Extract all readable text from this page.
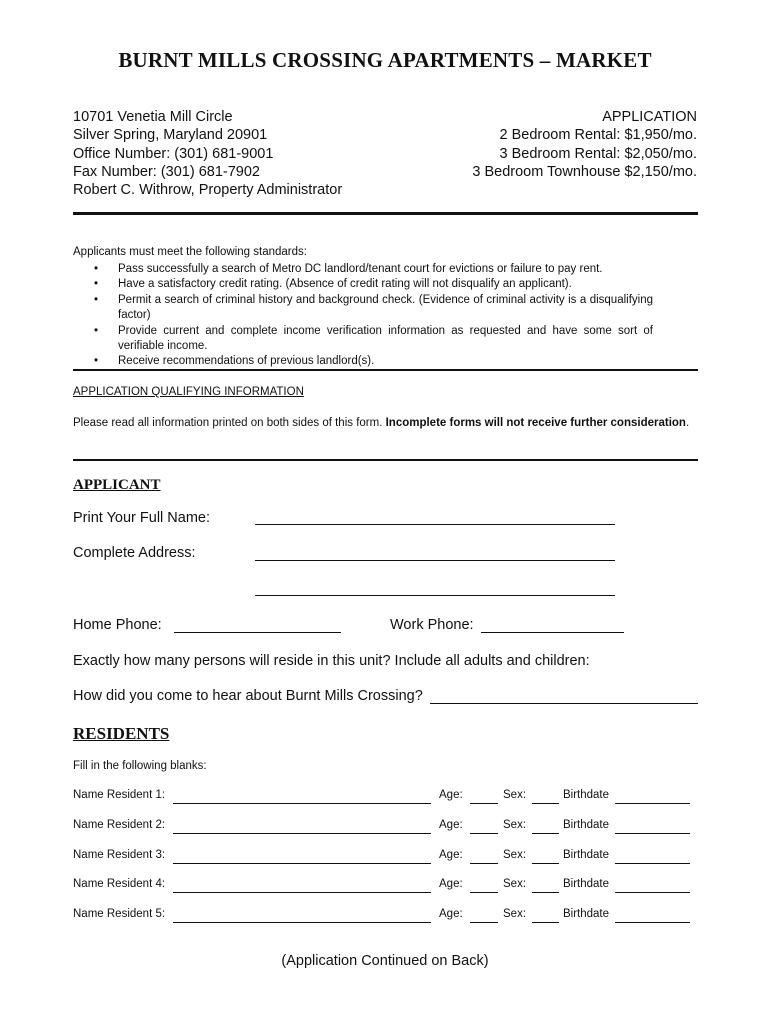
BURNT MILLS CROSSING APARTMENTS – MARKET
10701 Venetia Mill Circle
Silver Spring, Maryland 20901
Office Number: (301) 681-9001
Fax Number: (301) 681-7902
Robert C. Withrow, Property Administrator
APPLICATION
2 Bedroom Rental: $1,950/mo.
3 Bedroom Rental: $2,050/mo.
3 Bedroom Townhouse $2,150/mo.
Applicants must meet the following standards:
• Pass successfully a search of Metro DC landlord/tenant court for evictions or failure to pay rent.
• Have a satisfactory credit rating. (Absence of credit rating will not disqualify an applicant).
• Permit a search of criminal history and background check. (Evidence of criminal activity is a disqualifying factor)
• Provide current and complete income verification information as requested and have some sort of verifiable income.
• Receive recommendations of previous landlord(s).
APPLICATION QUALIFYING INFORMATION
Please read all information printed on both sides of this form. Incomplete forms will not receive further consideration.
APPLICANT
Print Your Full Name:
Complete Address:
Home Phone:	Work Phone:
Exactly how many persons will reside in this unit? Include all adults and children:
How did you come to hear about Burnt Mills Crossing?
RESIDENTS
Fill in the following blanks:
Name Resident 1:	Age:	Sex:	Birthdate
Name Resident 2:	Age:	Sex:	Birthdate
Name Resident 3:	Age:	Sex:	Birthdate
Name Resident 4:	Age:	Sex:	Birthdate
Name Resident 5:	Age:	Sex:	Birthdate
(Application Continued on Back)
